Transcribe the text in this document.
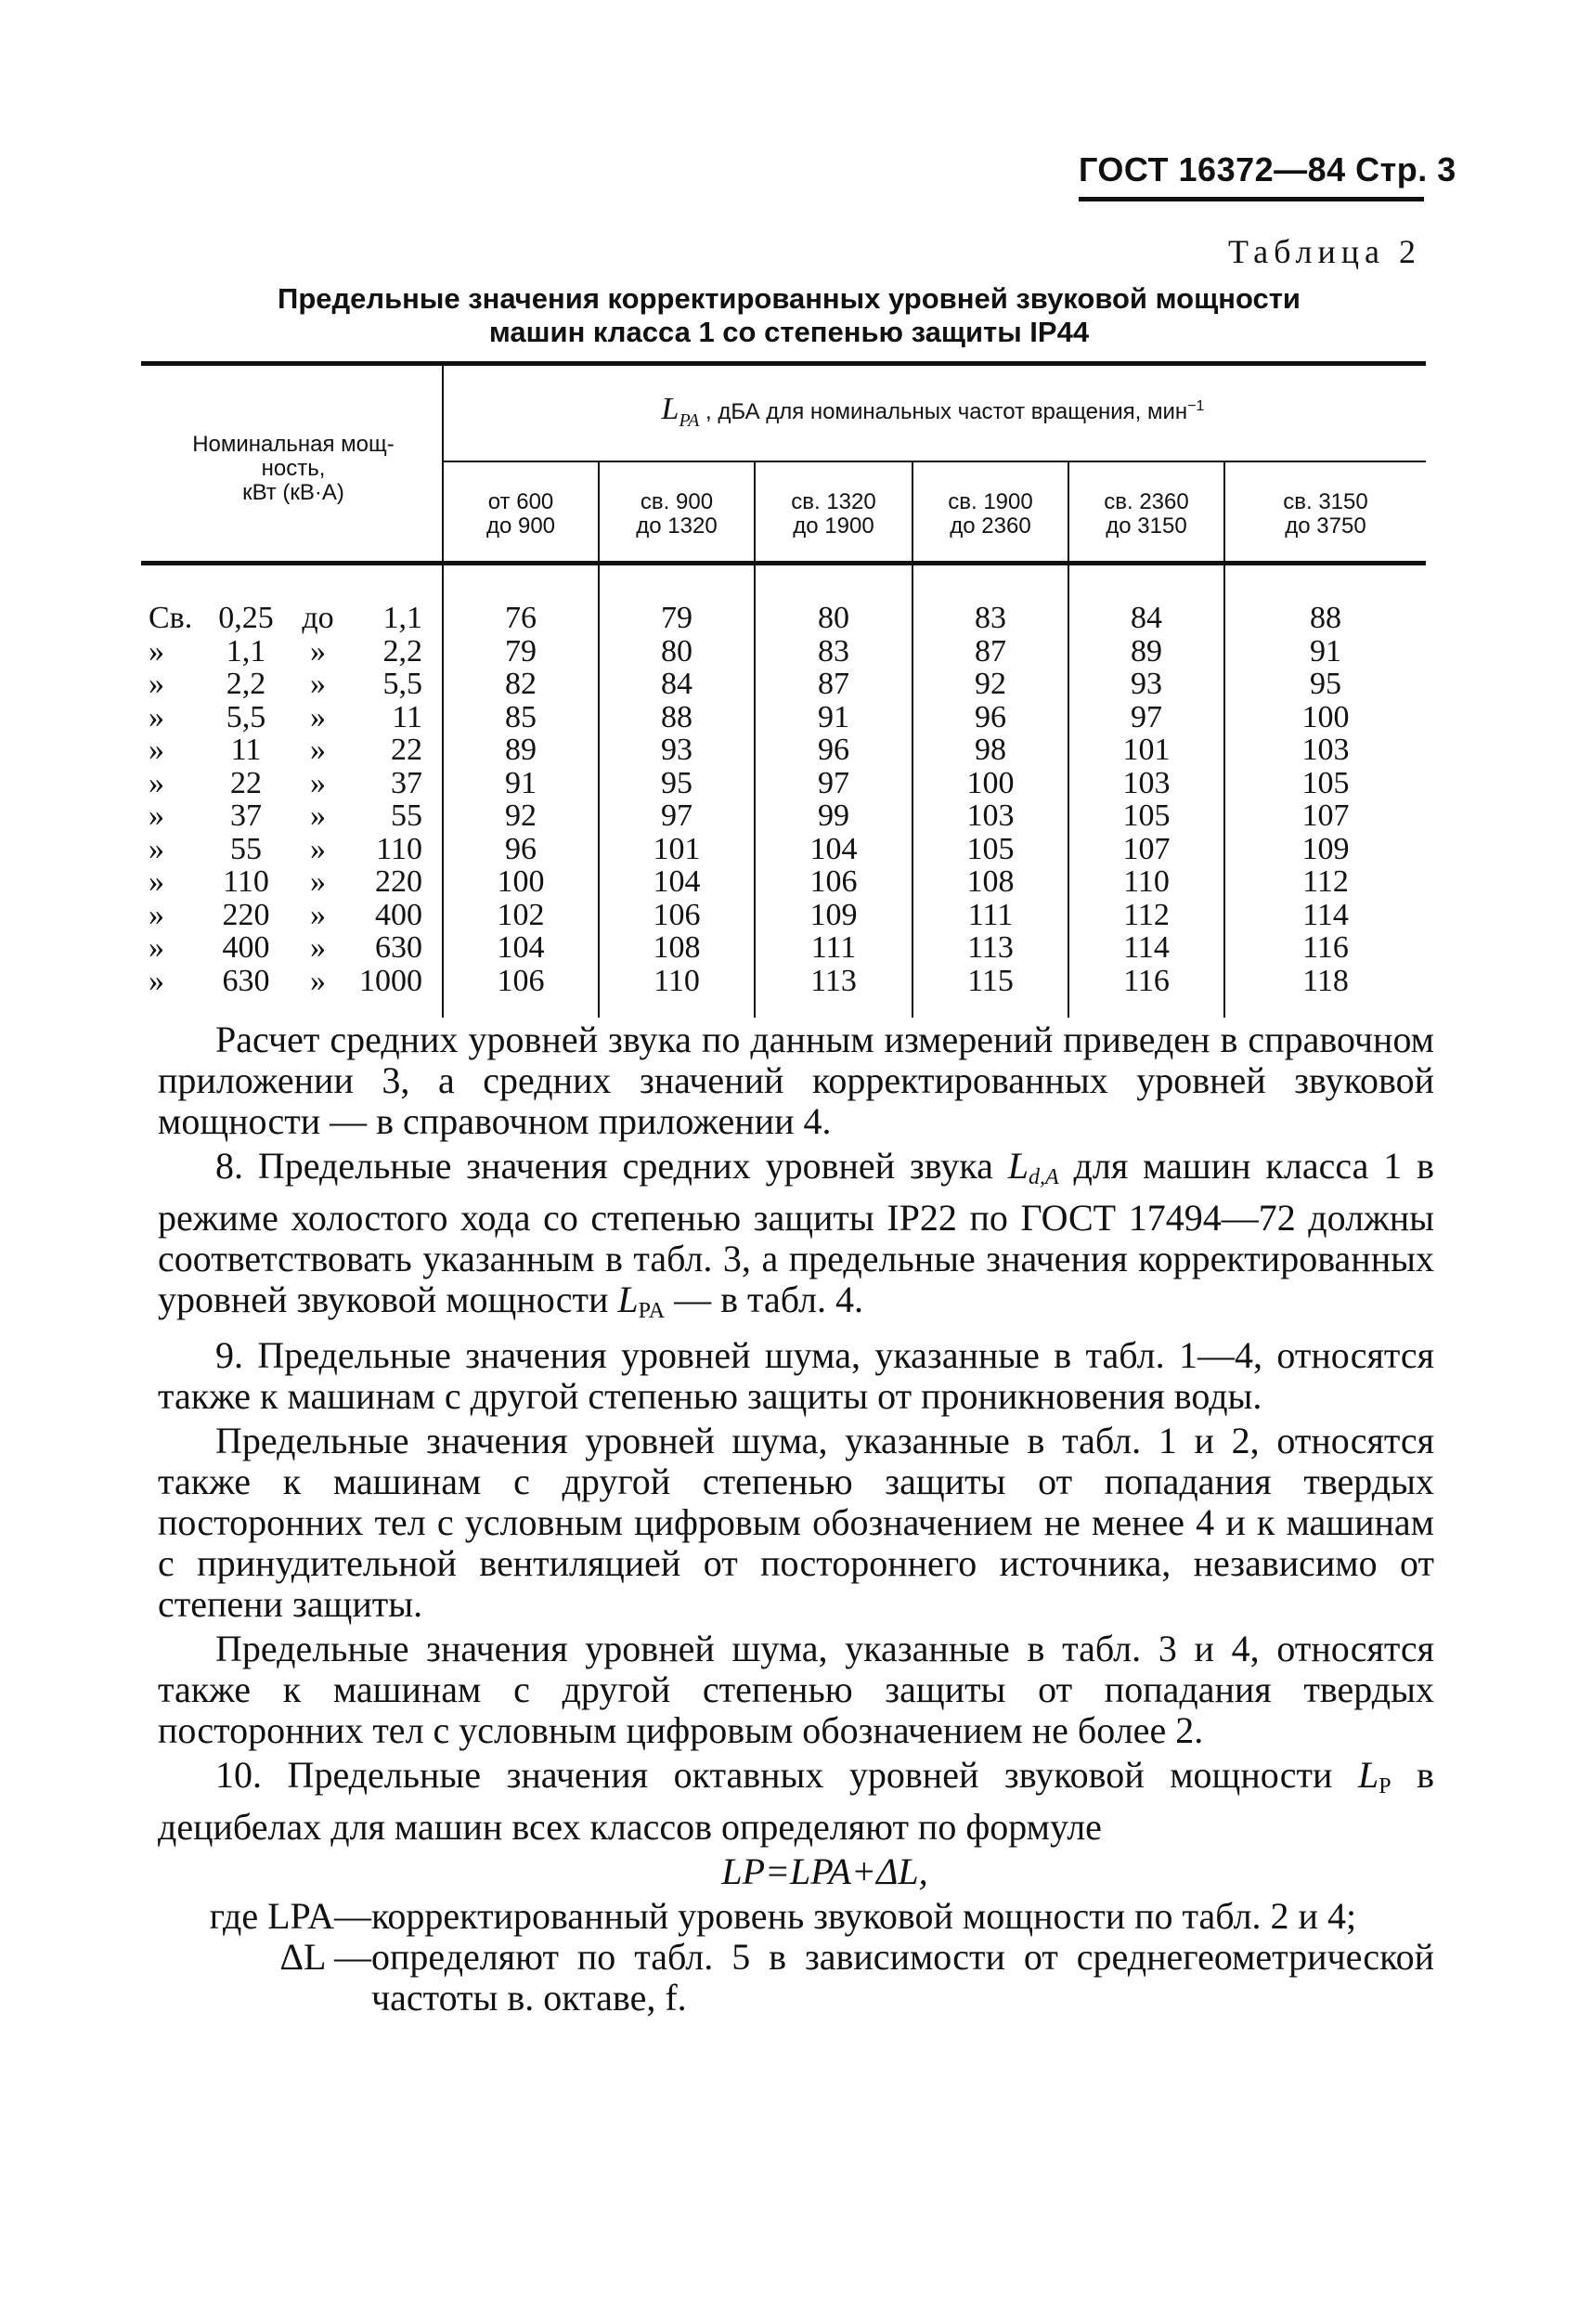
ГОСТ 16372—84 Стр. 3
Таблица 2
Предельные значения корректированных уровней звуковой мощности
машин класса 1 со степенью защиты IP44
Номинальная мощ-
ность,
кВт (кВ·А)
$L_{PA}$ , дБА для номинальных частот вращения, мин$^{-1}$
от 600
до 900
св. 900
до 1320
св. 1320
до 1900
св. 1900
до 2360
св. 2360
до 3150
св. 3150
до 3750
Св. 0,25 до 1,1
» 1,1 » 2,2
» 2,2 » 5,5
» 5,5 » 11
» 11 » 22
» 22 » 37
» 37 » 55
» 55 » 110
» 110 » 220
» 220 » 400
» 400 » 630
» 630 » 1000
76
79
82
85
89
91
92
96
100
102
104
106
79
80
84
88
93
95
97
101
104
106
108
110
80
83
87
91
96
97
99
104
106
109
111
113
83
87
92
96
98
100
103
105
108
111
113
115
84
89
93
97
101
103
105
107
110
112
114
116
88
91
95
100
103
105
107
109
112
114
116
118

Расчет средних уровней звука по данным измерений приведен в справочном приложении 3, а средних значений корректированных уровней звуковой мощности — в справочном приложении 4.

8. Предельные значения средних уровней звука Ld,A для машин класса 1 в режиме холостого хода со степенью защиты IP22 по ГОСТ 17494—72 должны соответствовать указанным в табл. 3, а предельные значения корректированных уровней звуковой мощности LPA — в табл. 4.

9. Предельные значения уровней шума, указанные в табл. 1—4, относятся также к машинам с другой степенью защиты от проникновения воды.

Предельные значения уровней шума, указанные в табл. 1 и 2, относятся также к машинам с другой степенью защиты от попадания твердых посторонних тел с условным цифровым обозначением не менее 4 и к машинам с принудительной вентиляцией от постороннего источника, независимо от степени защиты.

Предельные значения уровней шума, указанные в табл. 3 и 4, относятся также к машинам с другой степенью защиты от попадания твердых посторонних тел с условным цифровым обозначением не более 2.

10. Предельные значения октавных уровней звуковой мощности LP в децибелах для машин всех классов определяют по формуле

LP=LPA+ΔL,

где LPA— корректированный уровень звуковой мощности по табл. 2 и 4;
ΔL — определяют по табл. 5 в зависимости от среднегеометрической частоты в. октаве, f.
